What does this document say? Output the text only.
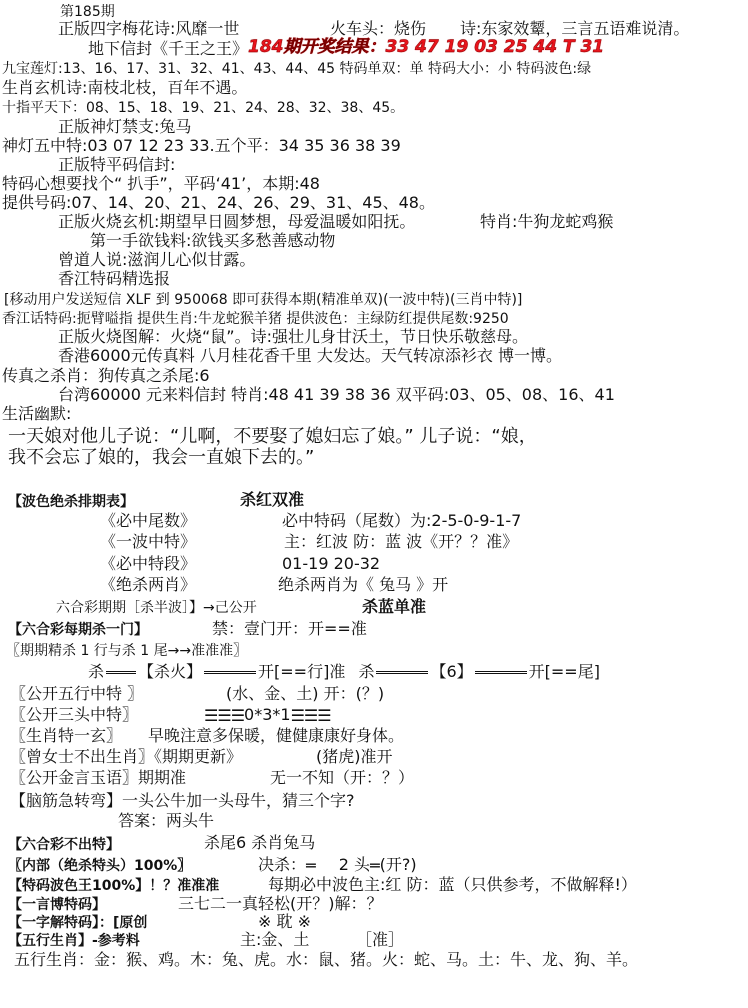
第185期
正版四字梅花诗:风靡一世	火车头：烧伤 诗:东家效颦，三言五语难说清。
地下信封《千王之王》 184期开奖结果：33 47 19 03 25 44 T 31
九宝莲灯:13、16、17、31、32、41、43、44、45 特码单双：单 特码大小：小 特码波色:绿
生肖玄机诗:南枝北枝，百年不遇。
十指平天下：08、15、18、19、21、24、28、32、38、45。
正版神灯禁支:兔马
神灯五中特:03 07 12 23 33.五个平：34 35 36 38 39
正版特平码信封:
特码心想要找个“ 扒手”，平码‘41’，本期:48
提供号码:07、14、20、21、24、26、29、31、45、48。
正版火烧玄机:期望早日圆梦想，母爱温暖如阳抚。	特肖:牛狗龙蛇鸡猴
第一手欲钱料:欲钱买多愁善感动物
曾道人说:滋润儿心似甘露。
香江特码精选报
[移动用户发送短信 XLF 到 950068 即可获得本期(精准单双)(一波中特)(三肖中特)]
香江话特码:扼臂嗌指 提供生肖:牛龙蛇猴羊猪 提供波色：主绿防红提供尾数:9250
正版火烧图解：火烧“鼠”。诗:强壮儿身甘沃土，节日快乐敬慈母。
香港6000元传真料 八月桂花香千里 大发达。天气转凉添衫衣 博一博。
传真之杀肖：狗传真之杀尾:6
台湾60000 元来料信封 特肖:48 41 39 38 36 双平码:03、05、08、16、41
生活幽默:
一天娘对他儿子说：“儿啊，不要娶了媳妇忘了娘。” 儿子说：“娘，
我不会忘了娘的，我会一直娘下去的。”
【波色绝杀排期表】	杀红双准
《必中尾数》	必中特码（尾数）为:2-5-0-9-1-7
《一波中特》	主：红波 防：蓝 波《开？？准》
《必中特段》	01-19 20-32
《绝杀两肖》	绝杀两肖为《 兔马 》开
六合彩期期［杀半波］】→己公开	杀蓝单准
【六合彩每期杀一门】	禁：壹门开：开==准
〖期期精杀 1 行与杀 1 尾→→准准准〗
杀 【杀火】	开[==行]准 杀	【6】	开[==尾]
〖公开五行中特 〗	(水、金、土) 开：(？)
〖公开三头中特〗	☰☰☰0*3*1☰☰☰
〖生肖特一玄〗 早晚注意多保暖，健健康康好身体。
〖曾女士不出生肖〗《期期更新》	(猪虎)准开
〖公开金言玉语〗期期准	无一不知（开：？）
【脑筋急转弯】一头公牛加一头母牛，猜三个字?
答案：两头牛
【六合彩不出特】	杀尾6 杀肖兔马
〖内部（绝杀特头）100%〗	决杀：═ 2 头═(开?)
【特码波色王100%】！？准准准	每期必中波色主:红 防：蓝（只供参考，不做解释!）
【一言博特码】	三七二一真轻松(开？)解：？
【一字解特码】：[原创	※ 耽 ※
【五行生肖】-参考料	主:金、土	［准］
五行生肖：金：猴、鸡。木：兔、虎。水：鼠、猪。火：蛇、马。土：牛、龙、狗、羊。
